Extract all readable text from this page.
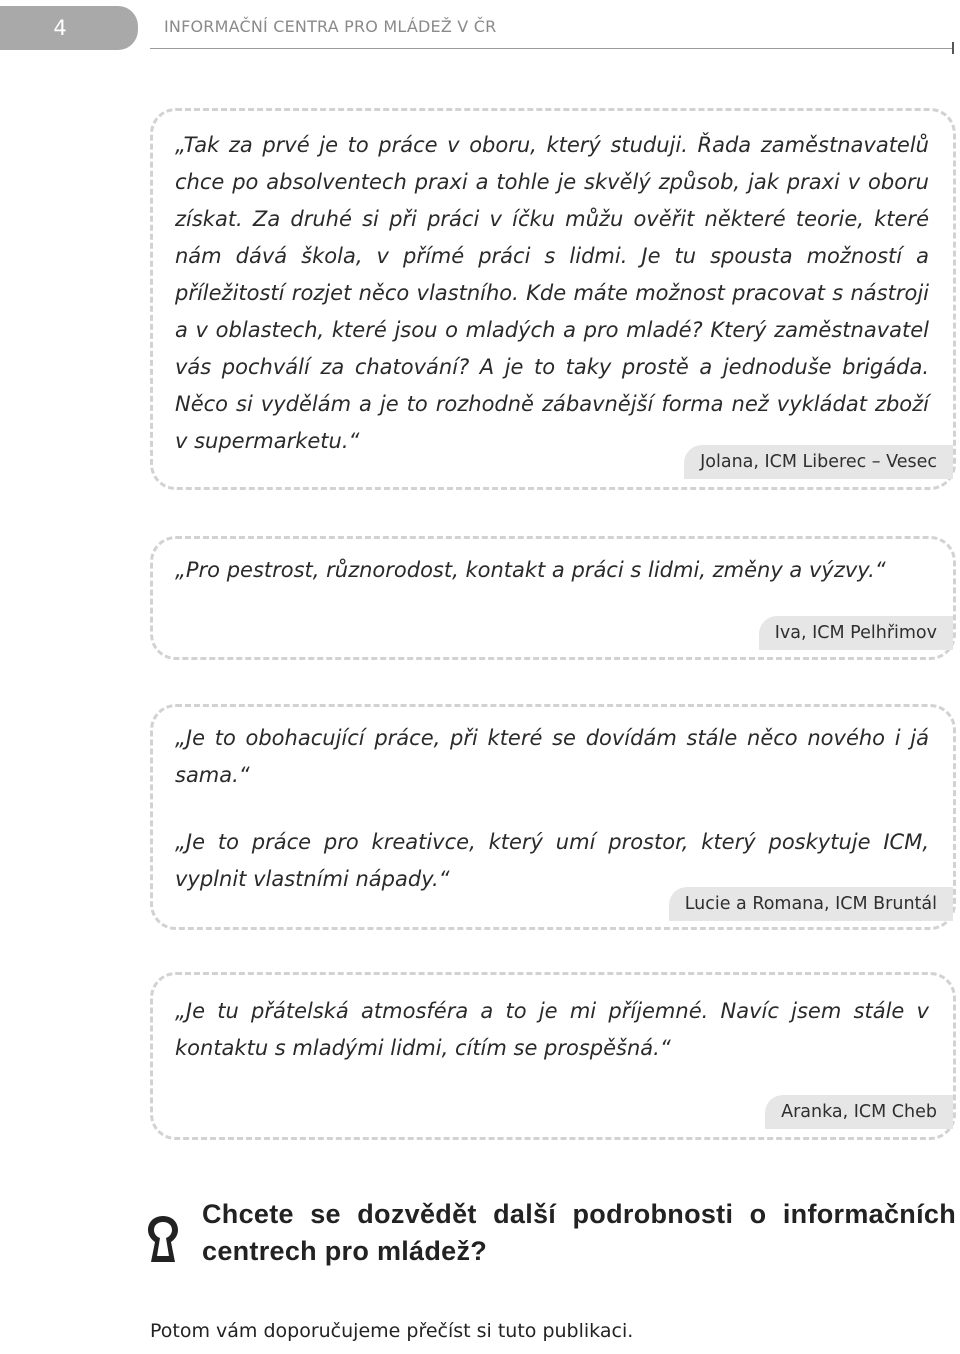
4	INFORMAČNÍ CENTRA PRO MLÁDEŽ V ČR

„Tak za prvé je to práce v oboru, který studuji. Řada zaměstnavatelů chce po absolventech praxi a tohle je skvělý způsob, jak praxi v oboru získat. Za druhé si při práci v íčku můžu ověřit některé teorie, které nám dává škola, v přímé práci s lidmi. Je tu spousta možností a příležitostí rozjet něco vlastního. Kde máte možnost pracovat s nástroji a v oblastech, které jsou o mladých a pro mladé? Který zaměstnavatel vás pochválí za chatování? A je to taky prostě a jednoduše brigáda. Něco si vydělám a je to rozhodně zábavnější forma než vykládat zboží v supermarketu.“

Jolana, ICM Liberec – Vesec

„Pro pestrost, různorodost, kontakt a práci s lidmi, změny a výzvy.“

Iva, ICM Pelhřimov

„Je to obohacující práce, při které se dovídám stále něco nového i já sama.“

„Je to práce pro kreativce, který umí prostor, který poskytuje ICM, vyplnit vlastními nápady.“

Lucie a Romana, ICM Bruntál

„Je tu přátelská atmosféra a to je mi příjemné. Navíc jsem stále v kontaktu s mladými lidmi, cítím se prospěšná.“

Aranka, ICM Cheb

Chcete se dozvědět další podrobnosti o informačních centrech pro mládež?

Potom vám doporučujeme přečíst si tuto publikaci.
